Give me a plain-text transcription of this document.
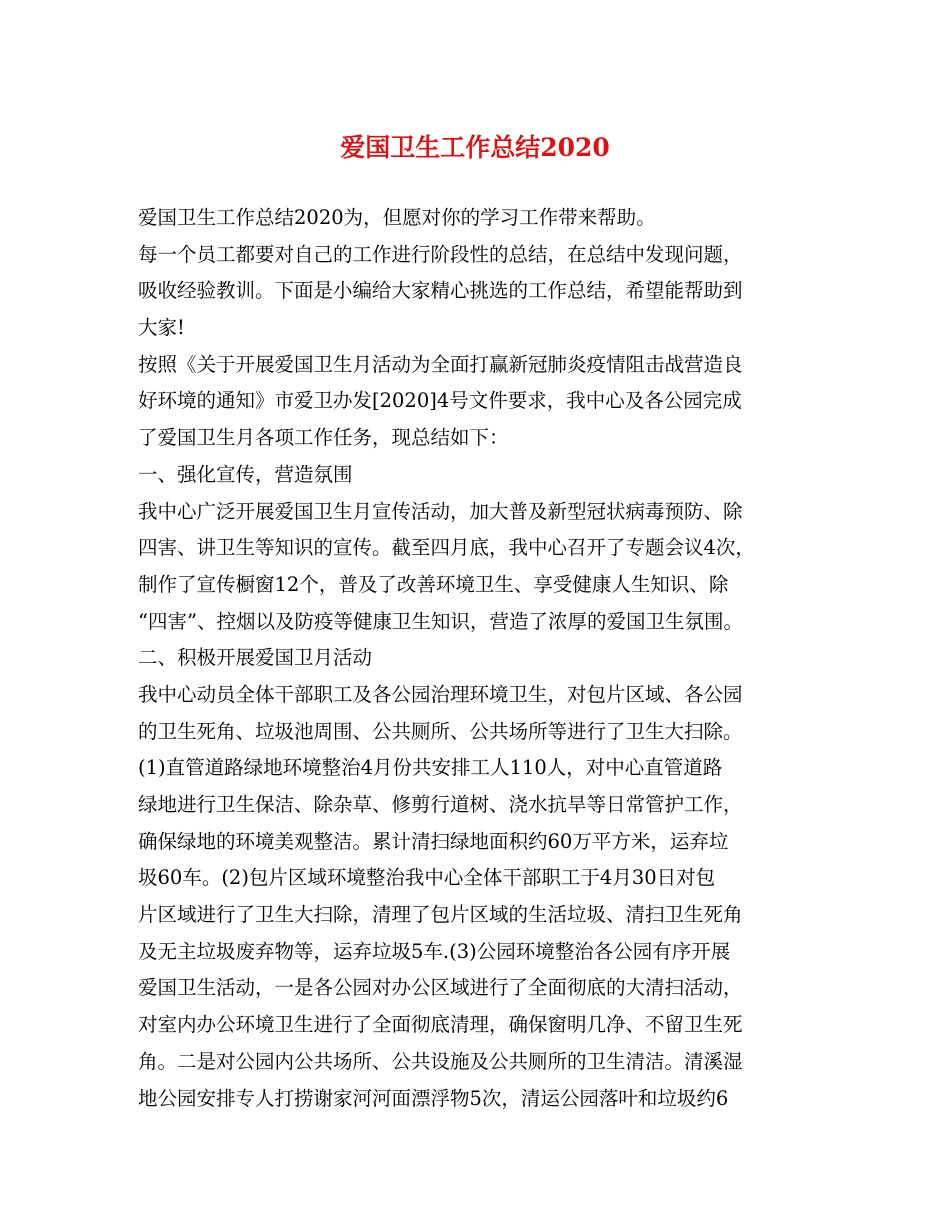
爱国卫生工作总结2020

爱国卫生工作总结2020为，但愿对你的学习工作带来帮助。

每一个员工都要对自己的工作进行阶段性的总结，在总结中发现问题，

吸收经验教训。下面是小编给大家精心挑选的工作总结，希望能帮助到

大家!

按照《关于开展爱国卫生月活动为全面打赢新冠肺炎疫情阻击战营造良

好环境的通知》市爱卫办发[2020]4号文件要求，我中心及各公园完成

了爱国卫生月各项工作任务，现总结如下：

一、强化宣传，营造氛围

我中心广泛开展爱国卫生月宣传活动，加大普及新型冠状病毒预防、除

四害、讲卫生等知识的宣传。截至四月底，我中心召开了专题会议4次，

制作了宣传橱窗12个，普及了改善环境卫生、享受健康人生知识、除

“四害”、控烟以及防疫等健康卫生知识，营造了浓厚的爱国卫生氛围。

二、积极开展爱国卫月活动

我中心动员全体干部职工及各公园治理环境卫生，对包片区域、各公园

的卫生死角、垃圾池周围、公共厕所、公共场所等进行了卫生大扫除。

(1)直管道路绿地环境整治4月份共安排工人110人，对中心直管道路

绿地进行卫生保洁、除杂草、修剪行道树、浇水抗旱等日常管护工作，

确保绿地的环境美观整洁。累计清扫绿地面积约60万平方米，运弃垃

圾60车。(2)包片区域环境整治我中心全体干部职工于4月30日对包

片区域进行了卫生大扫除，清理了包片区域的生活垃圾、清扫卫生死角

及无主垃圾废弃物等，运弃垃圾5车.(3)公园环境整治各公园有序开展

爱国卫生活动，一是各公园对办公区域进行了全面彻底的大清扫活动，

对室内办公环境卫生进行了全面彻底清理，确保窗明几净、不留卫生死

角。二是对公园内公共场所、公共设施及公共厕所的卫生清洁。清溪湿

地公园安排专人打捞谢家河河面漂浮物5次，清运公园落叶和垃圾约6
